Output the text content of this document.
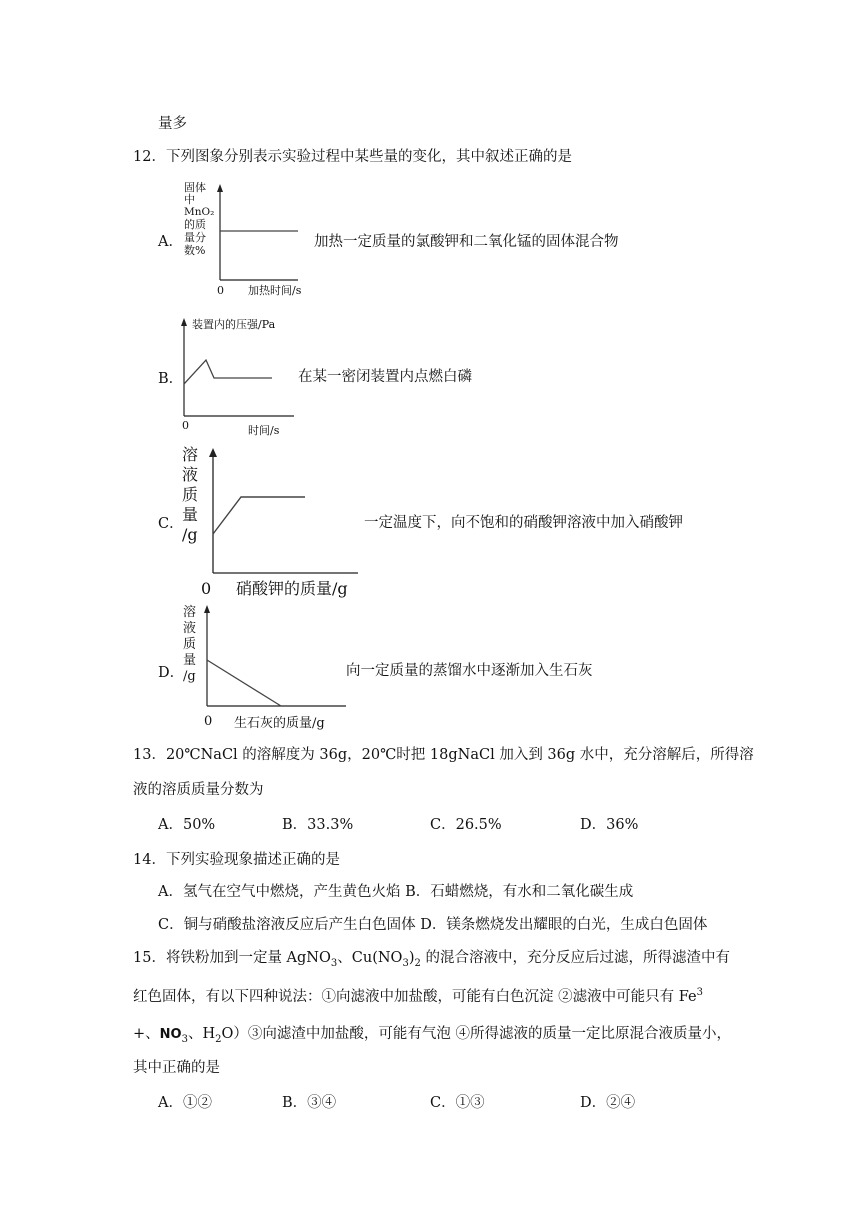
量多
12．下列图象分别表示实验过程中某些量的变化，其中叙述正确的是
A．
固体
中
MnO₂
的质
量分
数%
0 加热时间/s
加热一定质量的氯酸钾和二氧化锰的固体混合物
B．
装置内的压强/Pa
0	时间/s
在某一密闭装置内点燃白磷
C．
溶
液
质
量
/g
0 硝酸钾的质量/g
一定温度下，向不饱和的硝酸钾溶液中加入硝酸钾
D．
溶
液
质
量
/g
0 生石灰的质量/g
向一定质量的蒸馏水中逐渐加入生石灰
13．20℃NaCl 的溶解度为 36g，20℃时把 18gNaCl 加入到 36g 水中，充分溶解后，所得溶
液的溶质质量分数为
A．50%	B．33.3%	C．26.5%	D．36%
14．下列实验现象描述正确的是
A．氢气在空气中燃烧，产生黄色火焰 B．石蜡燃烧，有水和二氧化碳生成
C．铜与硝酸盐溶液反应后产生白色固体 D．镁条燃烧发出耀眼的白光，生成白色固体
15．将铁粉加到一定量 AgNO$_3$、$Cu(NO_3)_2$ 的混合溶液中，充分反应后过滤，所得滤渣中有
红色固体，有以下四种说法：①向滤液中加盐酸，可能有白色沉淀 ②滤液中可能只有 $Fe^3$
+、$NO_3$、$H_2O)③$向滤渣中加盐酸，可能有气泡 ④所得滤液的质量一定比原混合液质量小，
其中正确的是
A．①②	B．③④	C．①③	D．②④
